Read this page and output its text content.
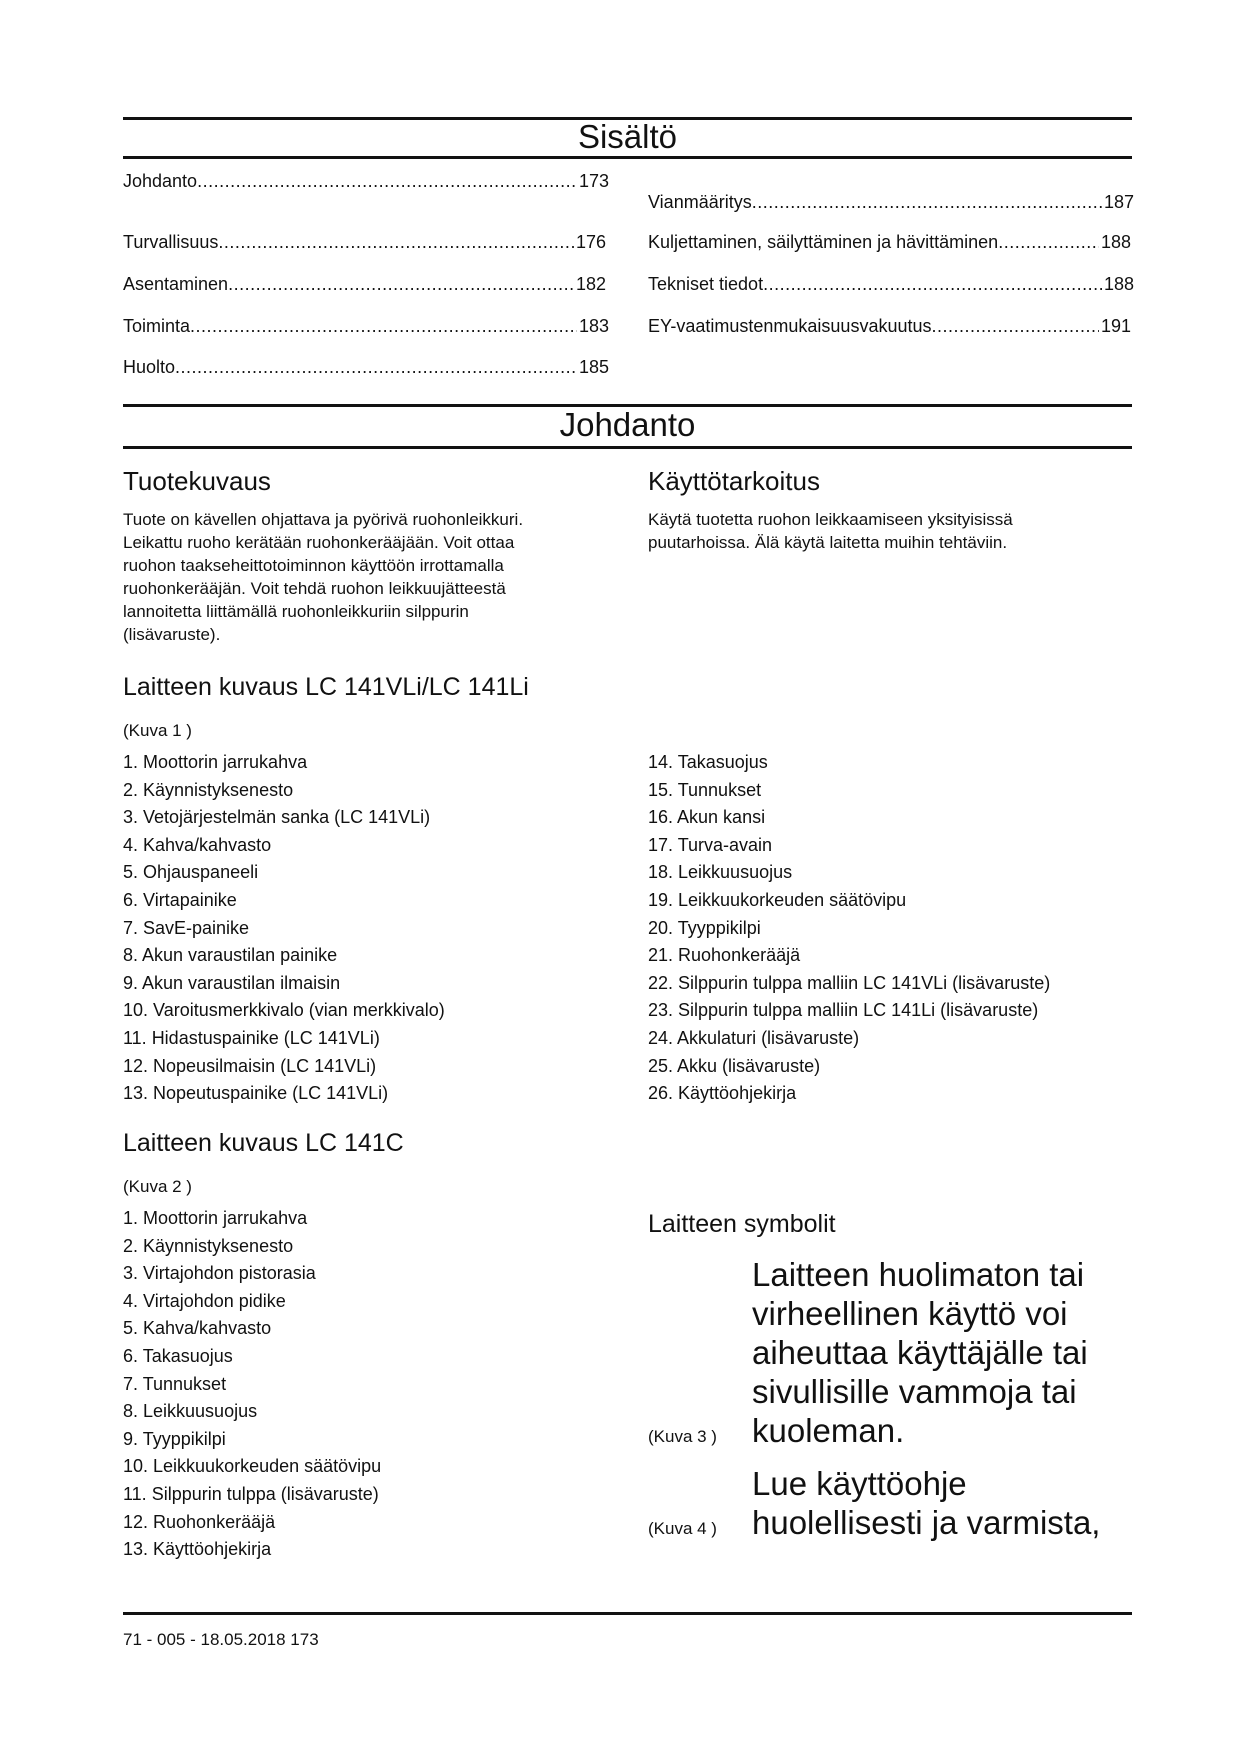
Sisältö
Johdanto .....	173
Turvallisuus .....	176
Asentaminen .....	182
Toiminta .....	183
Huolto .....	185
Vianmääritys .....	187
Kuljettaminen, säilyttäminen ja hävittäminen .....	188
Tekniset tiedot .....	188
EY-vaatimustenmukaisuusvakuutus .....	191
Johdanto
Tuotekuvaus
Tuote on kävellen ohjattava ja pyörivä ruohonleikkuri.
Leikattu ruoho kerätään ruohonkerääjään. Voit ottaa
ruohon taakseheittotoiminnon käyttöön irrottamalla
ruohonkerääjän. Voit tehdä ruohon leikkuujätteestä
lannoitetta liittämällä ruohonleikkuriin silppurin
(lisävaruste).
Käyttötarkoitus
Käytä tuotetta ruohon leikkaamiseen yksityisissä
puutarhoissa. Älä käytä laitetta muihin tehtäviin.
Laitteen kuvaus LC 141VLi/LC 141Li
(Kuva 1 )
1. Moottorin jarrukahva
2. Käynnistyksenesto
3. Vetojärjestelmän sanka (LC 141VLi)
4. Kahva/kahvasto
5. Ohjauspaneeli
6. Virtapainike
7. SavE-painike
8. Akun varaustilan painike
9. Akun varaustilan ilmaisin
10. Varoitusmerkkivalo (vian merkkivalo)
11. Hidastuspainike (LC 141VLi)
12. Nopeusilmaisin (LC 141VLi)
13. Nopeutuspainike (LC 141VLi)
14. Takasuojus
15. Tunnukset
16. Akun kansi
17. Turva-avain
18. Leikkuusuojus
19. Leikkuukorkeuden säätövipu
20. Tyyppikilpi
21. Ruohonkerääjä
22. Silppurin tulppa malliin LC 141VLi (lisävaruste)
23. Silppurin tulppa malliin LC 141Li (lisävaruste)
24. Akkulaturi (lisävaruste)
25. Akku (lisävaruste)
26. Käyttöohjekirja
Laitteen kuvaus LC 141C
(Kuva 2 )
1. Moottorin jarrukahva
2. Käynnistyksenesto
3. Virtajohdon pistorasia
4. Virtajohdon pidike
5. Kahva/kahvasto
6. Takasuojus
7. Tunnukset
8. Leikkuusuojus
9. Tyyppikilpi
10. Leikkuukorkeuden säätövipu
11. Silppurin tulppa (lisävaruste)
12. Ruohonkerääjä
13. Käyttöohjekirja
Laitteen symbolit
Laitteen huolimaton tai
virheellinen käyttö voi
aiheuttaa käyttäjälle tai
sivullisille vammoja tai
kuoleman.
(Kuva 3 )
Lue käyttöohje
huolellisesti ja varmista,
(Kuva 4 )
71 - 005 - 18.05.2018 173
